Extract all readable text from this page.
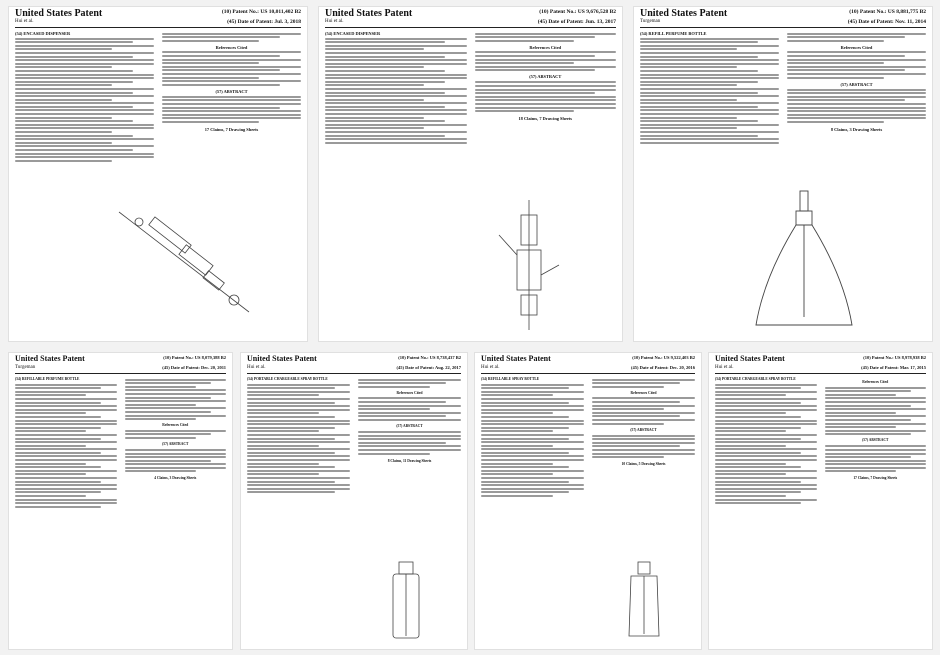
United States Patent
Hui et al.
(10) Patent No.: US 10,011,402 B2
(45) Date of Patent: Jul. 3, 2018
(54) ENCASED DISPENSER
References Cited
(57) ABSTRACT
17 Claims, 7 Drawing Sheets
United States Patent
Hui et al.
(10) Patent No.: US 9,676,528 B2
(45) Date of Patent: Jun. 13, 2017
(54) ENCASED DISPENSER
References Cited
(57) ABSTRACT
18 Claims, 7 Drawing Sheets
United States Patent
Turgeman
(10) Patent No.: US 8,881,775 B2
(45) Date of Patent: Nov. 11, 2014
(54) REFILL PERFUME BOTTLE
References Cited
(57) ABSTRACT
8 Claims, 3 Drawing Sheets
United States Patent
Turgeman
(10) Patent No.: US 8,079,388 B2
(45) Date of Patent: Dec. 20, 2011
(54) REFILLABLE PERFUME BOTTLE
References Cited
(57) ABSTRACT
4 Claims, 3 Drawing Sheets
United States Patent
Hui et al.
(10) Patent No.: US 8,738,437 B2
(45) Date of Patent: Aug. 22, 2017
(54) PORTABLE CHARGEABLE SPRAY BOTTLE
References Cited
(57) ABSTRACT
8 Claims, 11 Drawing Sheets
United States Patent
Hui et al.
(10) Patent No.: US 9,522,403 B2
(45) Date of Patent: Dec. 20, 2016
(54) REFILLABLE SPRAY BOTTLE
References Cited
(57) ABSTRACT
10 Claims, 5 Drawing Sheets
United States Patent
Hui et al.
(10) Patent No.: US 8,978,938 B2
(45) Date of Patent: Mar. 17, 2015
(54) PORTABLE CHARGEABLE SPRAY BOTTLE
References Cited
(57) ABSTRACT
17 Claims, 7 Drawing Sheets
